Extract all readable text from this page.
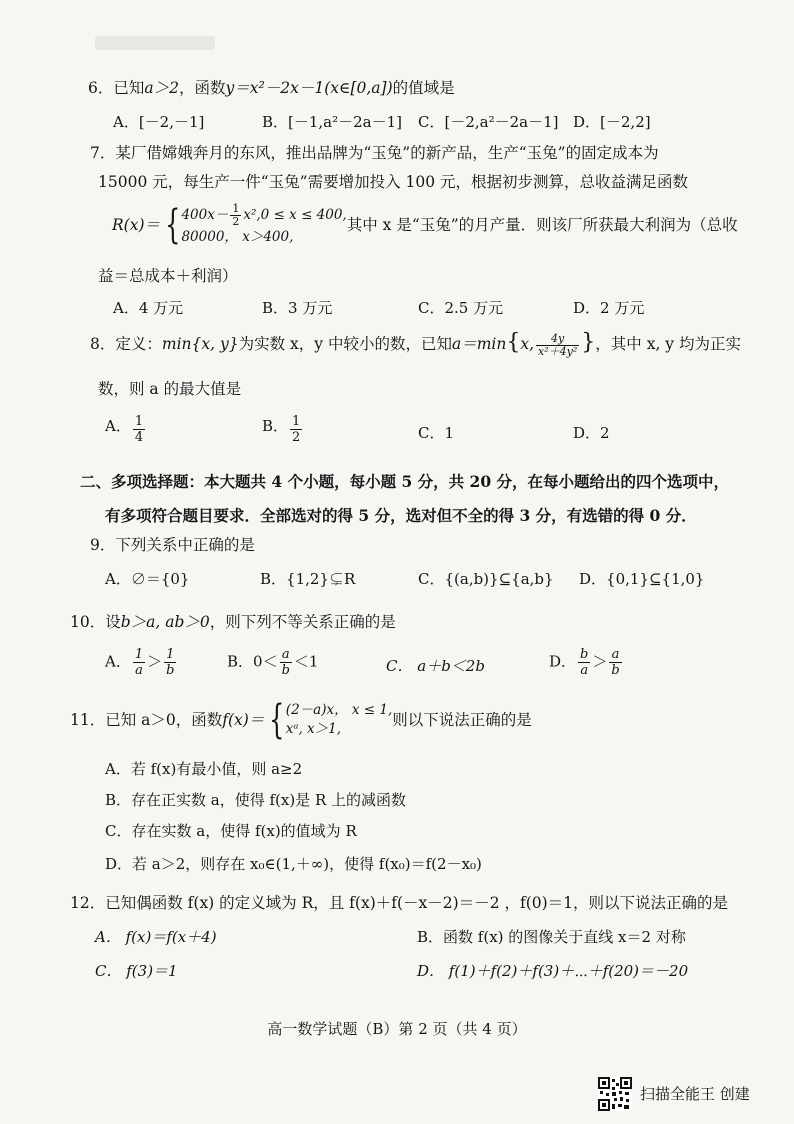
6．已知a＞2，函数y＝x²－2x－1(x∈[0,a])的值域是
A．[－2,－1]	B．[－1,a²－2a－1] C．[－2,a²－2a－1] D．[－2,2]
7．某厂借嫦娥奔月的东风，推出品牌为“玉兔”的新产品，生产“玉兔”的固定成本为
15000 元，每生产一件“玉兔”需要增加投入 100 元，根据初步测算，总收益满足函数
R(x)＝ { $400x- \frac{1}{2} x^2,0 \le x \le 400$,
80000， x＞400,
其中 x 是“玉兔”的月产量．则该厂所获最大利润为（总收
益＝总成本＋利润）
A．4 万元	B．3 万元	C．2.5 万元	D．2 万元
8．定义：min{x, y}为实数 x，y 中较小的数，已知a＝min{x, $\frac{4y}{\text{x²＋4y²}}$ }，其中 x, y 均为正实
数，则 a 的最大值是
A． $\frac{1}{4}$	B． $\frac{1}{2}$	C．1	D．2
二、多项选择题：本大题共 4 个小题，每小题 5 分，共 20 分，在每小题给出的四个选项中，
有多项符合题目要求．全部选对的得 5 分，选对但不全的得 3 分，有选错的得 0 分．
9．下列关系中正确的是
A．∅＝{0}	B．{1,2}⊊R	C．{(a,b)}⊆{a,b} D．{0,1}⊆{1,0}
10．设b＞a, ab＞0，则下列不等关系正确的是
A． $\frac{1}{a} > \frac{1}{b}$	B．$0< \frac{a}{b} <1$	C． a＋b＜2b	D． $\frac{b}{a} > \frac{a}{b}$
11．已知 a＞0，函数f(x)＝ { (2－a)x， x ≤ 1,
xᵃ, x＞1,	则以下说法正确的是
A．若 f(x)有最小值，则 a≥2
B．存在正实数 a，使得 f(x)是 R 上的减函数
C．存在实数 a，使得 f(x)的值域为 R
D．若 a＞2，则存在 x₀∈(1,＋∞)，使得 f(x₀)＝f(2－x₀)
12．已知偶函数 f(x) 的定义域为 R，且 f(x)＋f(－x－2)＝－2 ，f(0)＝1，则以下说法正确的是
A． f(x)＝f(x＋4)	B．函数 f(x) 的图像关于直线 x＝2 对称
C． f(3)＝1	D． f(1)＋f(2)＋f(3)＋⋯＋f(20)＝－20
高一数学试题（B）第 2 页（共 4 页）
扫描全能王 创建
